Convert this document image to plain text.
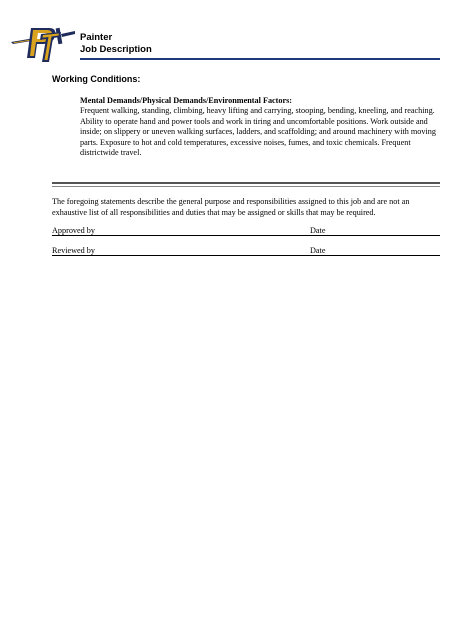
Painter
Job Description
Working Conditions:
Mental Demands/Physical Demands/Environmental Factors:
Frequent walking, standing, climbing, heavy lifting and carrying, stooping, bending, kneeling, and reaching. Ability to operate hand and power tools and work in tiring and uncomfortable positions. Work outside and inside; on slippery or uneven walking surfaces, ladders, and scaffolding; and around machinery with moving parts. Exposure to hot and cold temperatures, excessive noises, fumes, and toxic chemicals. Frequent districtwide travel.
The foregoing statements describe the general purpose and responsibilities assigned to this job and are not an exhaustive list of all responsibilities and duties that may be assigned or skills that may be required.
Approved by	Date
Reviewed by	Date
